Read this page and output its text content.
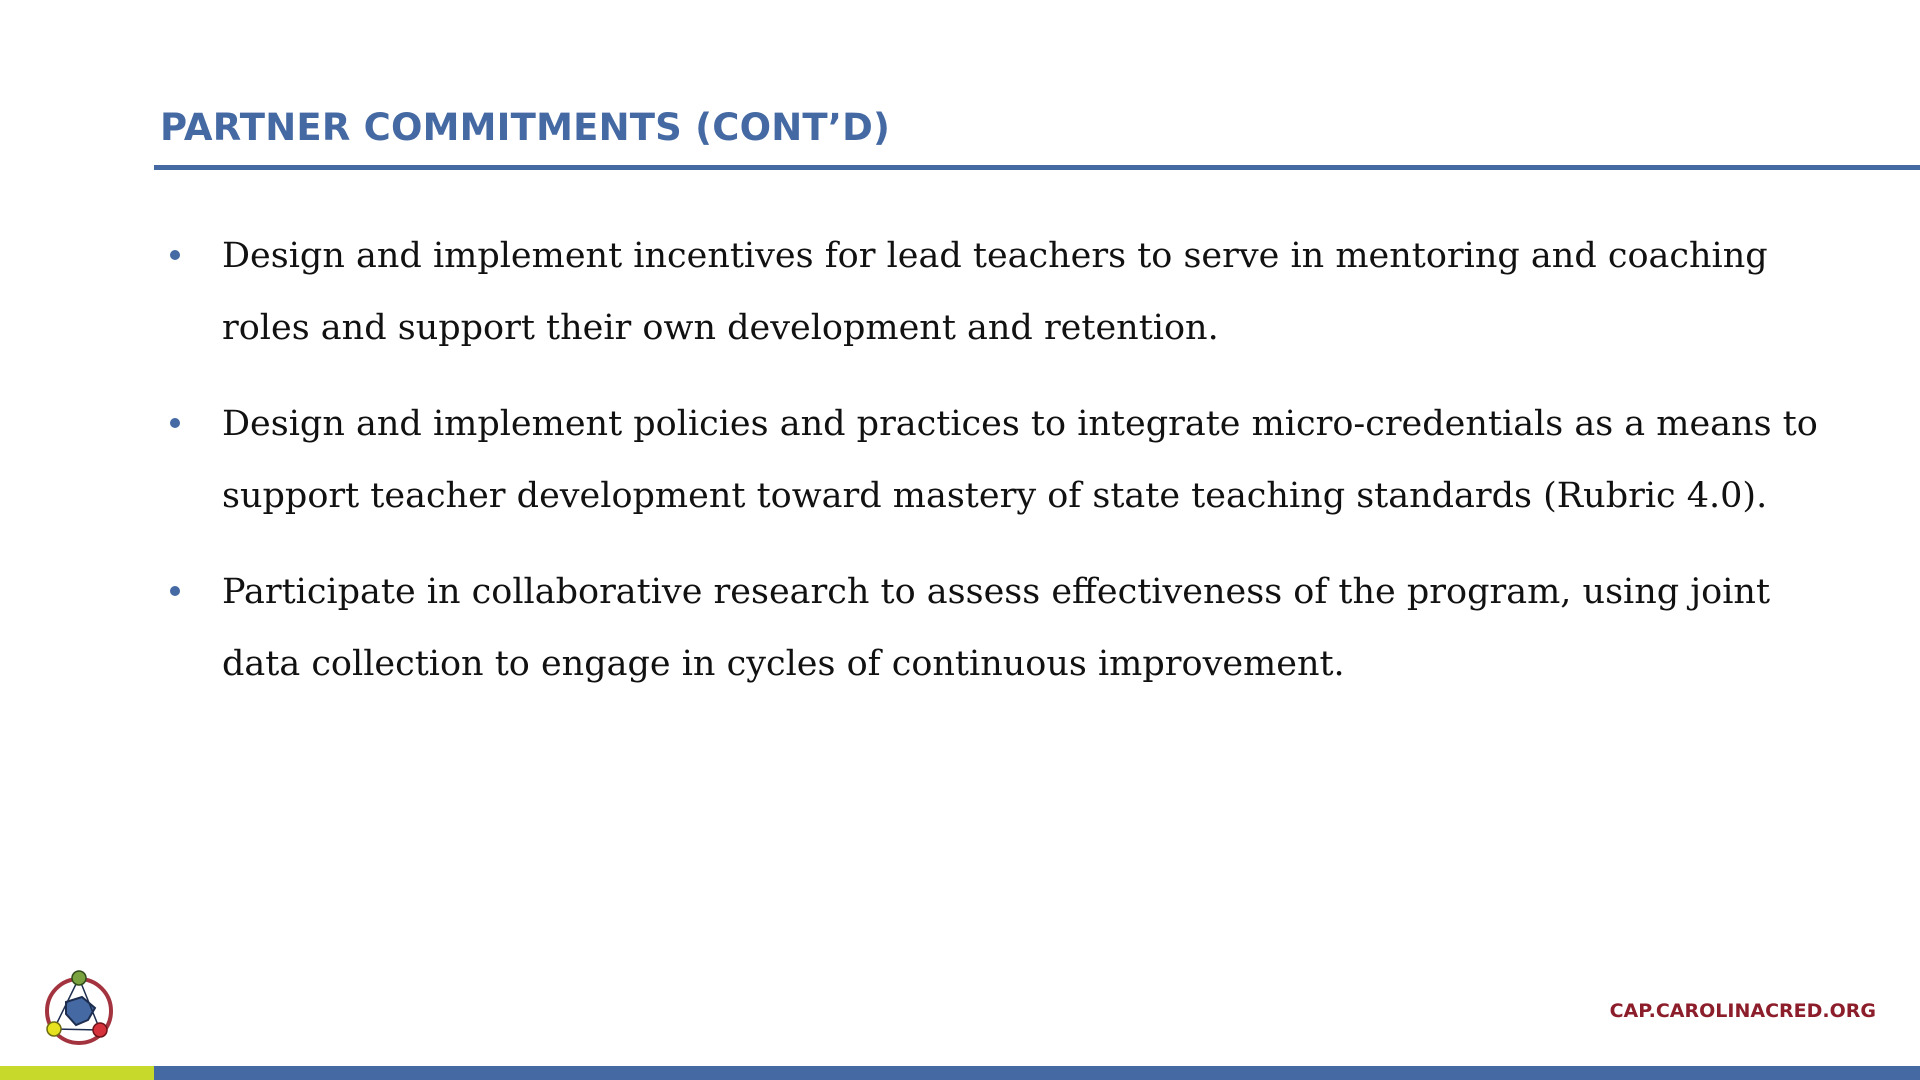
PARTNER COMMITMENTS (CONT’D)
Design and implement incentives for lead teachers to serve in mentoring and coaching roles and support their own development and retention.
Design and implement policies and practices to integrate micro-credentials as a means to support teacher development toward mastery of state teaching standards (Rubric 4.0).
Participate in collaborative research to assess effectiveness of the program, using joint data collection to engage in cycles of continuous improvement.
CAP.CAROLINACRED.ORG
